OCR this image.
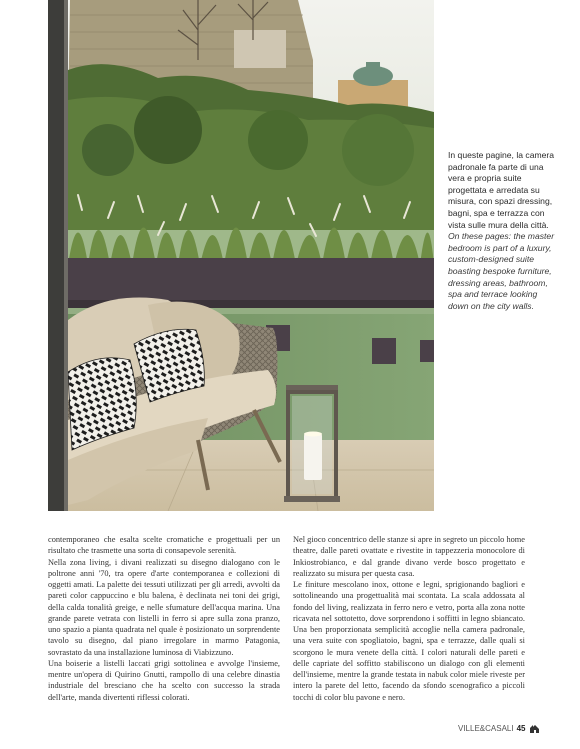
In queste pagine, la camera padronale fa parte di una vera e propria suite progettata e arredata su misura, con spazi dressing, bagni, spa e terrazza con vista sulle mura della città.

On these pages: the master bedroom is part of a luxury, custom-designed suite boasting bespoke furniture, dressing areas, bathroom, spa and terrace looking down on the city walls.

contemporaneo che esalta scelte cromatiche e progettuali per un risultato che trasmette una sorta di consapevole serenità.

Nella zona living, i divani realizzati su disegno dialogano con le poltrone anni '70, tra opere d'arte contemporanea e collezioni di oggetti amati. La palette dei tessuti utilizzati per gli arredi, avvolti da pareti color cappuccino e blu balena, è declinata nei toni dei grigi, della calda tonalità greige, e nelle sfumature dell'acqua marina. Una grande parete vetrata con listelli in ferro si apre sulla zona pranzo, uno spazio a pianta quadrata nel quale è posizionato un sorprendente tavolo su disegno, dal piano irregolare in marmo Patagonia, sovrastato da una installazione luminosa di Viabizzuno.

Una boiserie a listelli laccati grigi sottolinea e avvolge l'insieme, mentre un'opera di Quirino Gnutti, rampollo di una celebre dinastia industriale del bresciano che ha scelto con successo la strada dell'arte, manda divertenti riflessi colorati.

Nel gioco concentrico delle stanze si apre in segreto un piccolo home theatre, dalle pareti ovattate e rivestite in tappezzeria monocolore di Inkiostrobianco, e dal grande divano verde bosco progettato e realizzato su misura per questa casa.

Le finiture mescolano inox, ottone e legni, sprigionando bagliori e sottolineando una progettualità mai scontata. La scala addossata al fondo del living, realizzata in ferro nero e vetro, porta alla zona notte ricavata nel sottotetto, dove sorprendono i soffitti in legno sbiancato. Una ben proporzionata semplicità accoglie nella camera padronale, una vera suite con spogliatoio, bagni, spa e terrazze, dalle quali si scorgono le mura venete della città. I colori naturali delle pareti e delle capriate del soffitto stabiliscono un dialogo con gli elementi dell'insieme, mentre la grande testata in nabuk color miele riveste per intero la parete del letto, facendo da sfondo scenografico a piccoli tocchi di color blu pavone e nero.

VILLE&CASALI 45
